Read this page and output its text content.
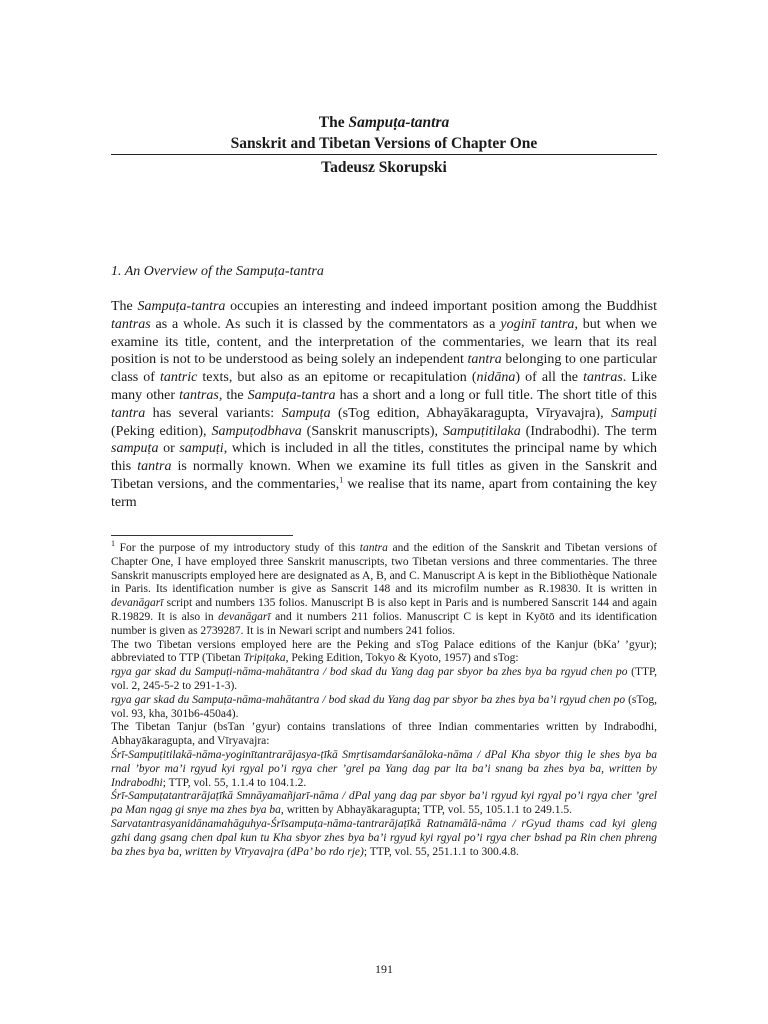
The Sampuṭa-tantra
Sanskrit and Tibetan Versions of Chapter One
Tadeusz Skorupski
1. An Overview of the Sampuṭa-tantra
The Sampuṭa-tantra occupies an interesting and indeed important position among the Buddhist tantras as a whole. As such it is classed by the commentators as a yoginī tantra, but when we examine its title, content, and the interpretation of the commentaries, we learn that its real position is not to be understood as being solely an independent tantra belonging to one particular class of tantric texts, but also as an epitome or recapitulation (nidāna) of all the tantras. Like many other tantras, the Sampuṭa-tantra has a short and a long or full title. The short title of this tantra has several variants: Sampuṭa (sTog edition, Abhayākaragupta, Vīryavajra), Sampuṭi (Peking edition), Sampuṭodbhava (Sanskrit manuscripts), Sampuṭitilaka (Indrabodhi). The term sampuṭa or sampuṭi, which is included in all the titles, constitutes the principal name by which this tantra is normally known. When we examine its full titles as given in the Sanskrit and Tibetan versions, and the commentaries,$^1$ we realise that its name, apart from containing the key term

$^1$ For the purpose of my introductory study of this tantra and the edition of the Sanskrit and Tibetan versions of Chapter One, I have employed three Sanskrit manuscripts, two Tibetan versions and three commentaries. The three Sanskrit manuscripts employed here are designated as A, B, and C. Manuscript A is kept in the Bibliothèque Nationale in Paris. Its identification number is give as Sanscrit 148 and its microfilm number as R.19830. It is written in devanāgarī script and numbers 135 folios. Manuscript B is also kept in Paris and is numbered Sanscrit 144 and again R.19829. It is also in devanāgarī and it numbers 211 folios. Manuscript C is kept in Kyōtō and its identification number is given as 2739287. It is in Newari script and numbers 241 folios.

The two Tibetan versions employed here are the Peking and sTog Palace editions of the Kanjur (bKa’ ’gyur); abbreviated to TTP (Tibetan Tripiṭaka, Peking Edition, Tokyo & Kyoto, 1957) and sTog:

rgya gar skad du Sampuṭi-nāma-mahātantra / bod skad du Yang dag par sbyor ba zhes bya ba rgyud chen po (TTP, vol. 2, 245-5-2 to 291-1-3).

rgya gar skad du Sampuṭa-nāma-mahātantra / bod skad du Yang dag par sbyor ba zhes bya ba’i rgyud chen po (sTog, vol. 93, kha, 301b6-450a4).

The Tibetan Tanjur (bsTan ’gyur) contains translations of three Indian commentaries written by Indrabodhi, Abhayākaragupta, and Vīryavajra:

Śrī-Sampuṭitilakā-nāma-yoginītantrarājasya-ṭīkā Smṛtisamdarśanāloka-nāma / dPal Kha sbyor thig le shes bya ba rnal ’byor ma’i rgyud kyi rgyal po’i rgya cher ’grel pa Yang dag par lta ba’i snang ba zhes bya ba, written by Indrabodhi; TTP, vol. 55, 1.1.4 to 104.1.2.

Śrī-Sampuṭatantrarājaṭīkā Smnāyamañjarī-nāma / dPal yang dag par sbyor ba’i rgyud kyi rgyal po’i rgya cher ’grel pa Man ngag gi snye ma zhes bya ba, written by Abhayākaragupta; TTP, vol. 55, 105.1.1 to 249.1.5.

Sarvatantrasyanidānamahāguhya-Śrīsampuṭa-nāma-tantrarājaṭīkā Ratnamālā-nāma / rGyud thams cad kyi gleng gzhi dang gsang chen dpal kun tu Kha sbyor zhes bya ba’i rgyud kyi rgyal po’i rgya cher bshad pa Rin chen phreng ba zhes bya ba, written by Vīryavajra (dPa’ bo rdo rje); TTP, vol. 55, 251.1.1 to 300.4.8.

191
